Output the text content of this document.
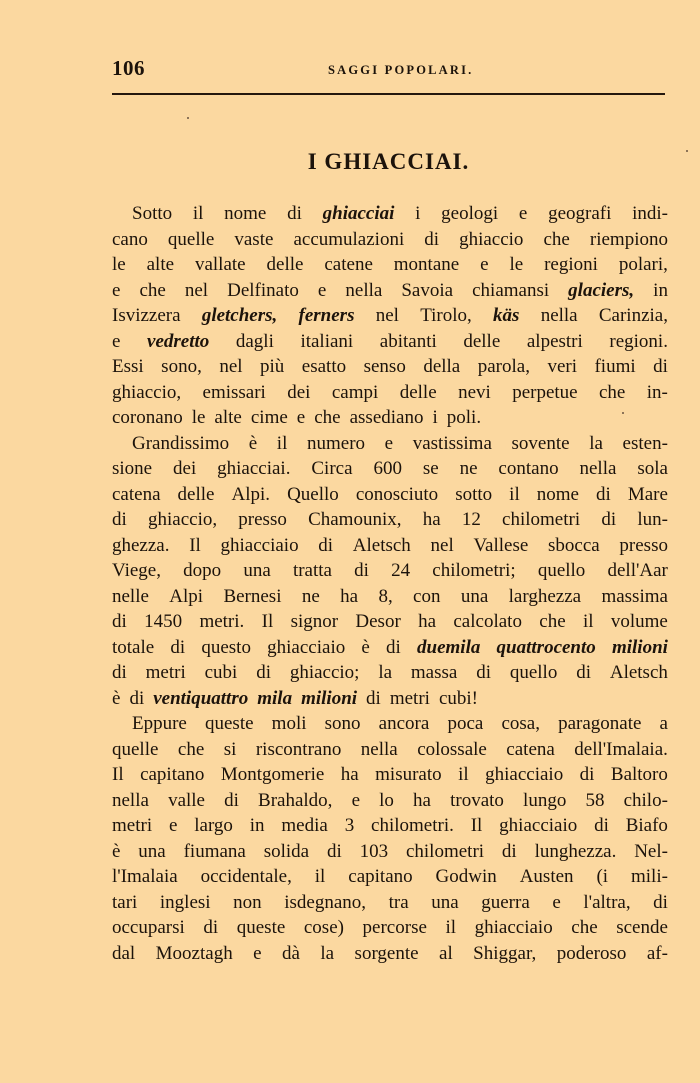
106	SAGGI POPOLARI.
I GHIACCIAI.
Sotto il nome di ghiacciai i geologi e geografi indi-
cano quelle vaste accumulazioni di ghiaccio che riempiono
le alte vallate delle catene montane e le regioni polari,
e che nel Delfinato e nella Savoia chiamansi glaciers, in
Isvizzera gletchers, ferners nel Tirolo, käs nella Carinzia,
e vedretto dagli italiani abitanti delle alpestri regioni.
Essi sono, nel più esatto senso della parola, veri fiumi di
ghiaccio, emissari dei campi delle nevi perpetue che in-
coronano le alte cime e che assediano i poli.
Grandissimo è il numero e vastissima sovente la esten-
sione dei ghiacciai. Circa 600 se ne contano nella sola
catena delle Alpi. Quello conosciuto sotto il nome di Mare
di ghiaccio, presso Chamounix, ha 12 chilometri di lun-
ghezza. Il ghiacciaio di Aletsch nel Vallese sbocca presso
Viege, dopo una tratta di 24 chilometri; quello dell'Aar
nelle Alpi Bernesi ne ha 8, con una larghezza massima
di 1450 metri. Il signor Desor ha calcolato che il volume
totale di questo ghiacciaio è di duemila quattrocento milioni
di metri cubi di ghiaccio; la massa di quello di Aletsch
è di ventiquattro mila milioni di metri cubi!
Eppure queste moli sono ancora poca cosa, paragonate a
quelle che si riscontrano nella colossale catena dell'Imalaia.
Il capitano Montgomerie ha misurato il ghiacciaio di Baltoro
nella valle di Brahaldo, e lo ha trovato lungo 58 chilo-
metri e largo in media 3 chilometri. Il ghiacciaio di Biafo
è una fiumana solida di 103 chilometri di lunghezza. Nel-
l'Imalaia occidentale, il capitano Godwin Austen (i mili-
tari inglesi non isdegnano, tra una guerra e l'altra, di
occuparsi di queste cose) percorse il ghiacciaio che scende
dal Mooztagh e dà la sorgente al Shiggar, poderoso af-
